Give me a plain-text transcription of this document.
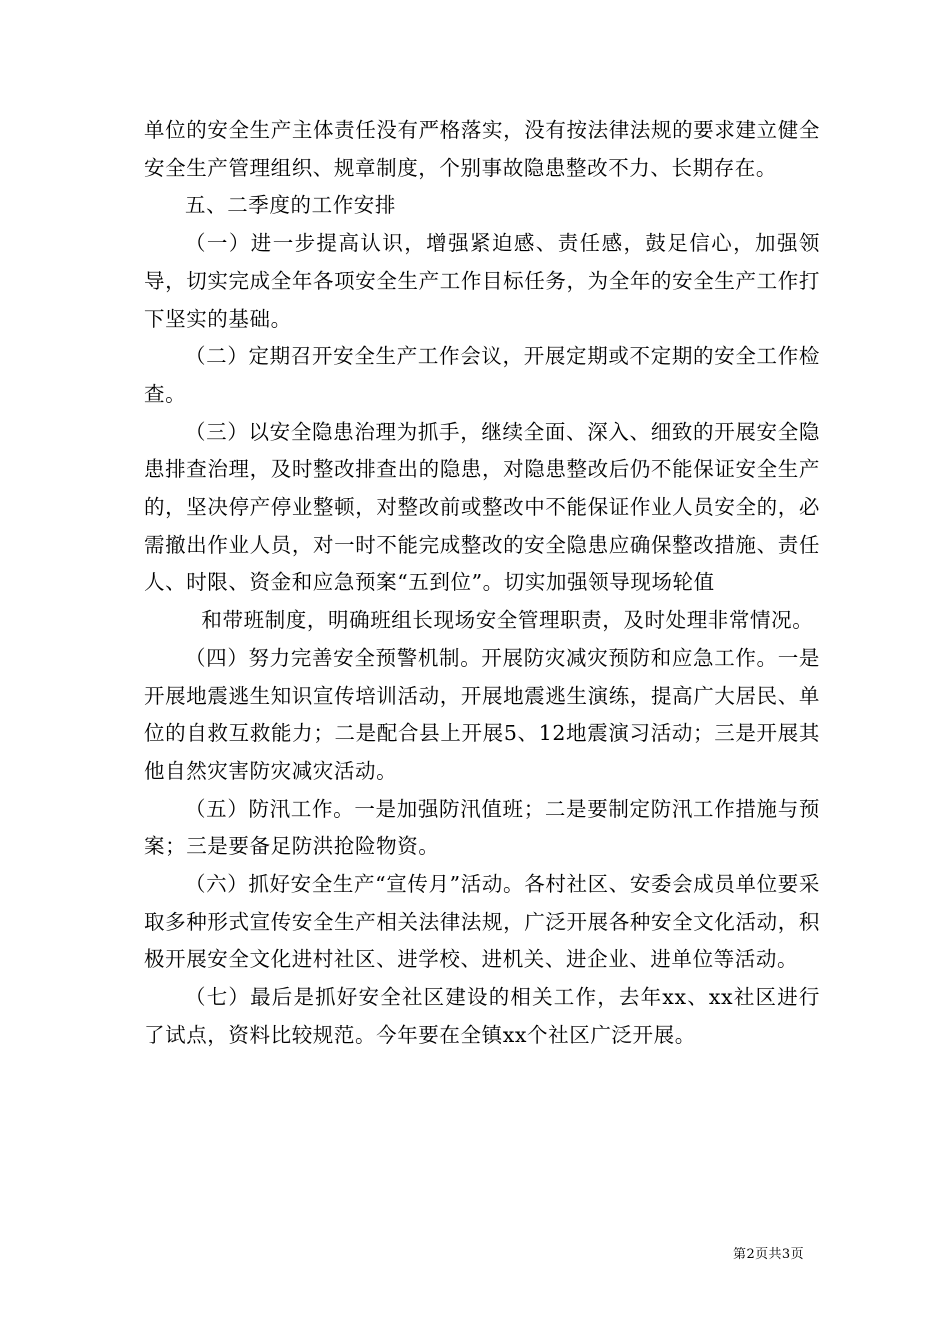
单位的安全生产主体责任没有严格落实，没有按法律法规的要求建立健全安全生产管理组织、规章制度，个别事故隐患整改不力、长期存在。

五、二季度的工作安排

（一）进一步提高认识，增强紧迫感、责任感，鼓足信心，加强领导，切实完成全年各项安全生产工作目标任务，为全年的安全生产工作打下坚实的基础。

（二）定期召开安全生产工作会议，开展定期或不定期的安全工作检查。

（三）以安全隐患治理为抓手，继续全面、深入、细致的开展安全隐患排查治理，及时整改排查出的隐患，对隐患整改后仍不能保证安全生产的，坚决停产停业整顿，对整改前或整改中不能保证作业人员安全的，必需撤出作业人员，对一时不能完成整改的安全隐患应确保整改措施、责任人、时限、资金和应急预案“五到位”。切实加强领导现场轮值

和带班制度，明确班组长现场安全管理职责，及时处理非常情况。

（四）努力完善安全预警机制。开展防灾减灾预防和应急工作。一是开展地震逃生知识宣传培训活动，开展地震逃生演练，提高广大居民、单位的自救互救能力；二是配合县上开展5、12地震演习活动；三是开展其他自然灾害防灾减灾活动。

（五）防汛工作。一是加强防汛值班；二是要制定防汛工作措施与预案；三是要备足防洪抢险物资。

（六）抓好安全生产“宣传月”活动。各村社区、安委会成员单位要采取多种形式宣传安全生产相关法律法规，广泛开展各种安全文化活动，积极开展安全文化进村社区、进学校、进机关、进企业、进单位等活动。

（七）最后是抓好安全社区建设的相关工作，去年xx、xx社区进行了试点，资料比较规范。今年要在全镇xx个社区广泛开展。

第2页共3页
